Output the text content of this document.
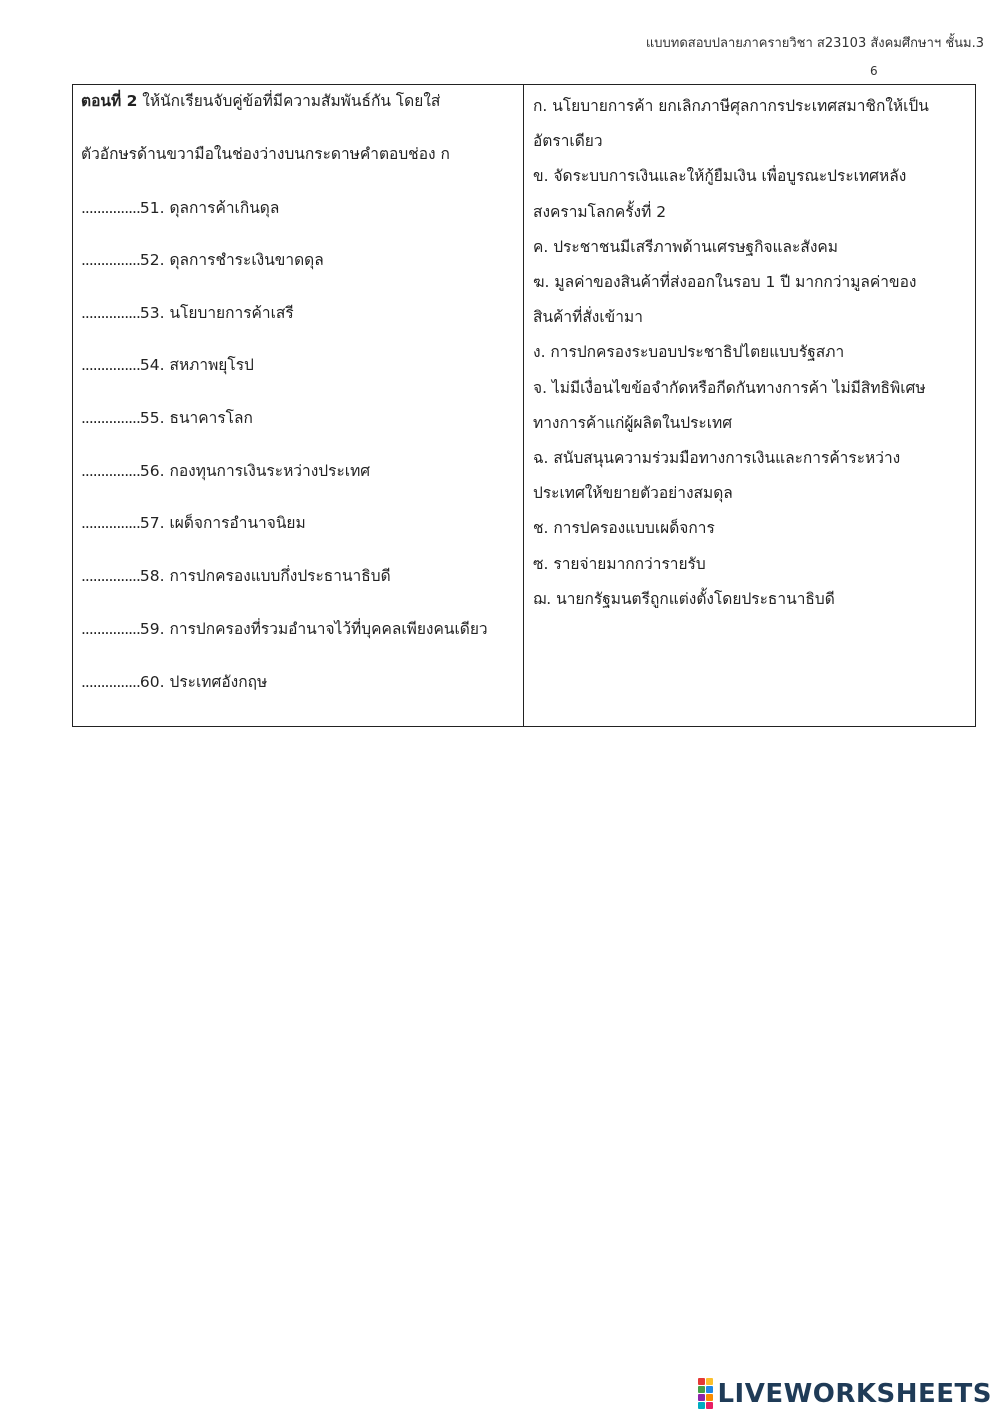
แบบทดสอบปลายภาครายวิชา ส23103 สังคมศึกษาฯ ชั้นม.3
6
ตอนที่ 2 ให้นักเรียนจับคู่ข้อที่มีความสัมพันธ์กัน โดยใส่
ตัวอักษรด้านขวามือในช่องว่างบนกระดาษคำตอบช่อง ก
...............51. ดุลการค้าเกินดุล
...............52. ดุลการชำระเงินขาดดุล
...............53. นโยบายการค้าเสรี
...............54. สหภาพยุโรป
...............55. ธนาคารโลก
...............56. กองทุนการเงินระหว่างประเทศ
...............57. เผด็จการอำนาจนิยม
...............58. การปกครองแบบกึ่งประธานาธิบดี
...............59. การปกครองที่รวมอำนาจไว้ที่บุคคลเพียงคนเดียว
...............60. ประเทศอังกฤษ
ก. นโยบายการค้า ยกเลิกภาษีศุลกากรประเทศสมาชิกให้เป็น
อัตราเดียว
ข. จัดระบบการเงินและให้กู้ยืมเงิน เพื่อบูรณะประเทศหลัง
สงครามโลกครั้งที่ 2
ค. ประชาชนมีเสรีภาพด้านเศรษฐกิจและสังคม
ฆ. มูลค่าของสินค้าที่ส่งออกในรอบ 1 ปี มากกว่ามูลค่าของ
สินค้าที่สั่งเข้ามา
ง. การปกครองระบอบประชาธิปไตยแบบรัฐสภา
จ. ไม่มีเงื่อนไขข้อจำกัดหรือกีดกันทางการค้า ไม่มีสิทธิพิเศษ
ทางการค้าแก่ผู้ผลิตในประเทศ
ฉ. สนับสนุนความร่วมมือทางการเงินและการค้าระหว่าง
ประเทศให้ขยายตัวอย่างสมดุล
ช. การปครองแบบเผด็จการ
ซ. รายจ่ายมากกว่ารายรับ
ฌ. นายกรัฐมนตรีถูกแต่งตั้งโดยประธานาธิบดี
LIVEWORKSHEETS
